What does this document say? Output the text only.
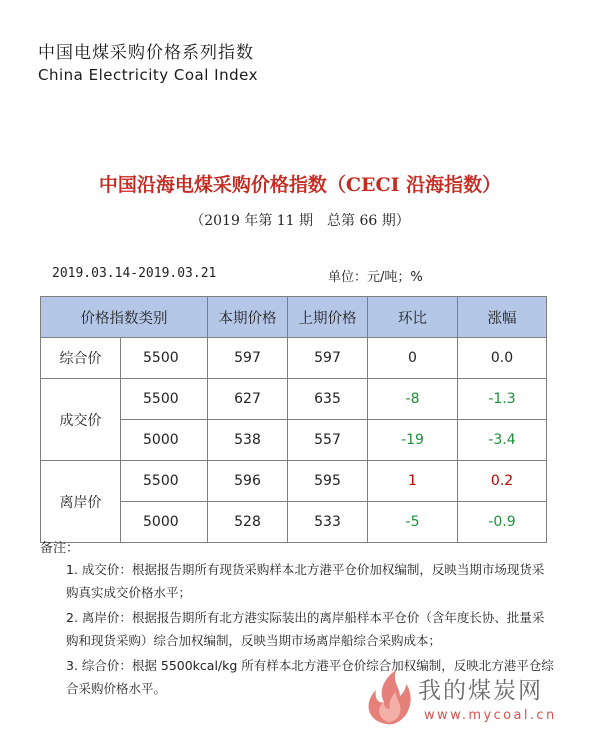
中国电煤采购价格系列指数
China Electricity Coal Index
中国沿海电煤采购价格指数（CECI 沿海指数）
（2019 年第 11 期　总第 66 期）
2019.03.14-2019.03.21	单位：元/吨；%
价格指数类别		本期价格	上期价格	环比	涨幅
综合价	5500	597	597	0	0.0
成交价	5500	627	635	-8	-1.3
	5000	538	557	-19	-3.4
离岸价	5500	596	595	1	0.2
	5000	528	533	-5	-0.9
备注：
1. 成交价：根据报告期所有现货采购样本北方港平仓价加权编制，反映当期市场现货采购真实成交价格水平；
2. 离岸价：根据报告期所有北方港实际装出的离岸船样本平仓价（含年度长协、批量采购和现货采购）综合加权编制，反映当期市场离岸船综合采购成本；
3. 综合价：根据 5500kcal/kg 所有样本北方港平仓价综合加权编制，反映北方港平仓综合采购价格水平。	我的煤炭网
www.mycoal.cn
